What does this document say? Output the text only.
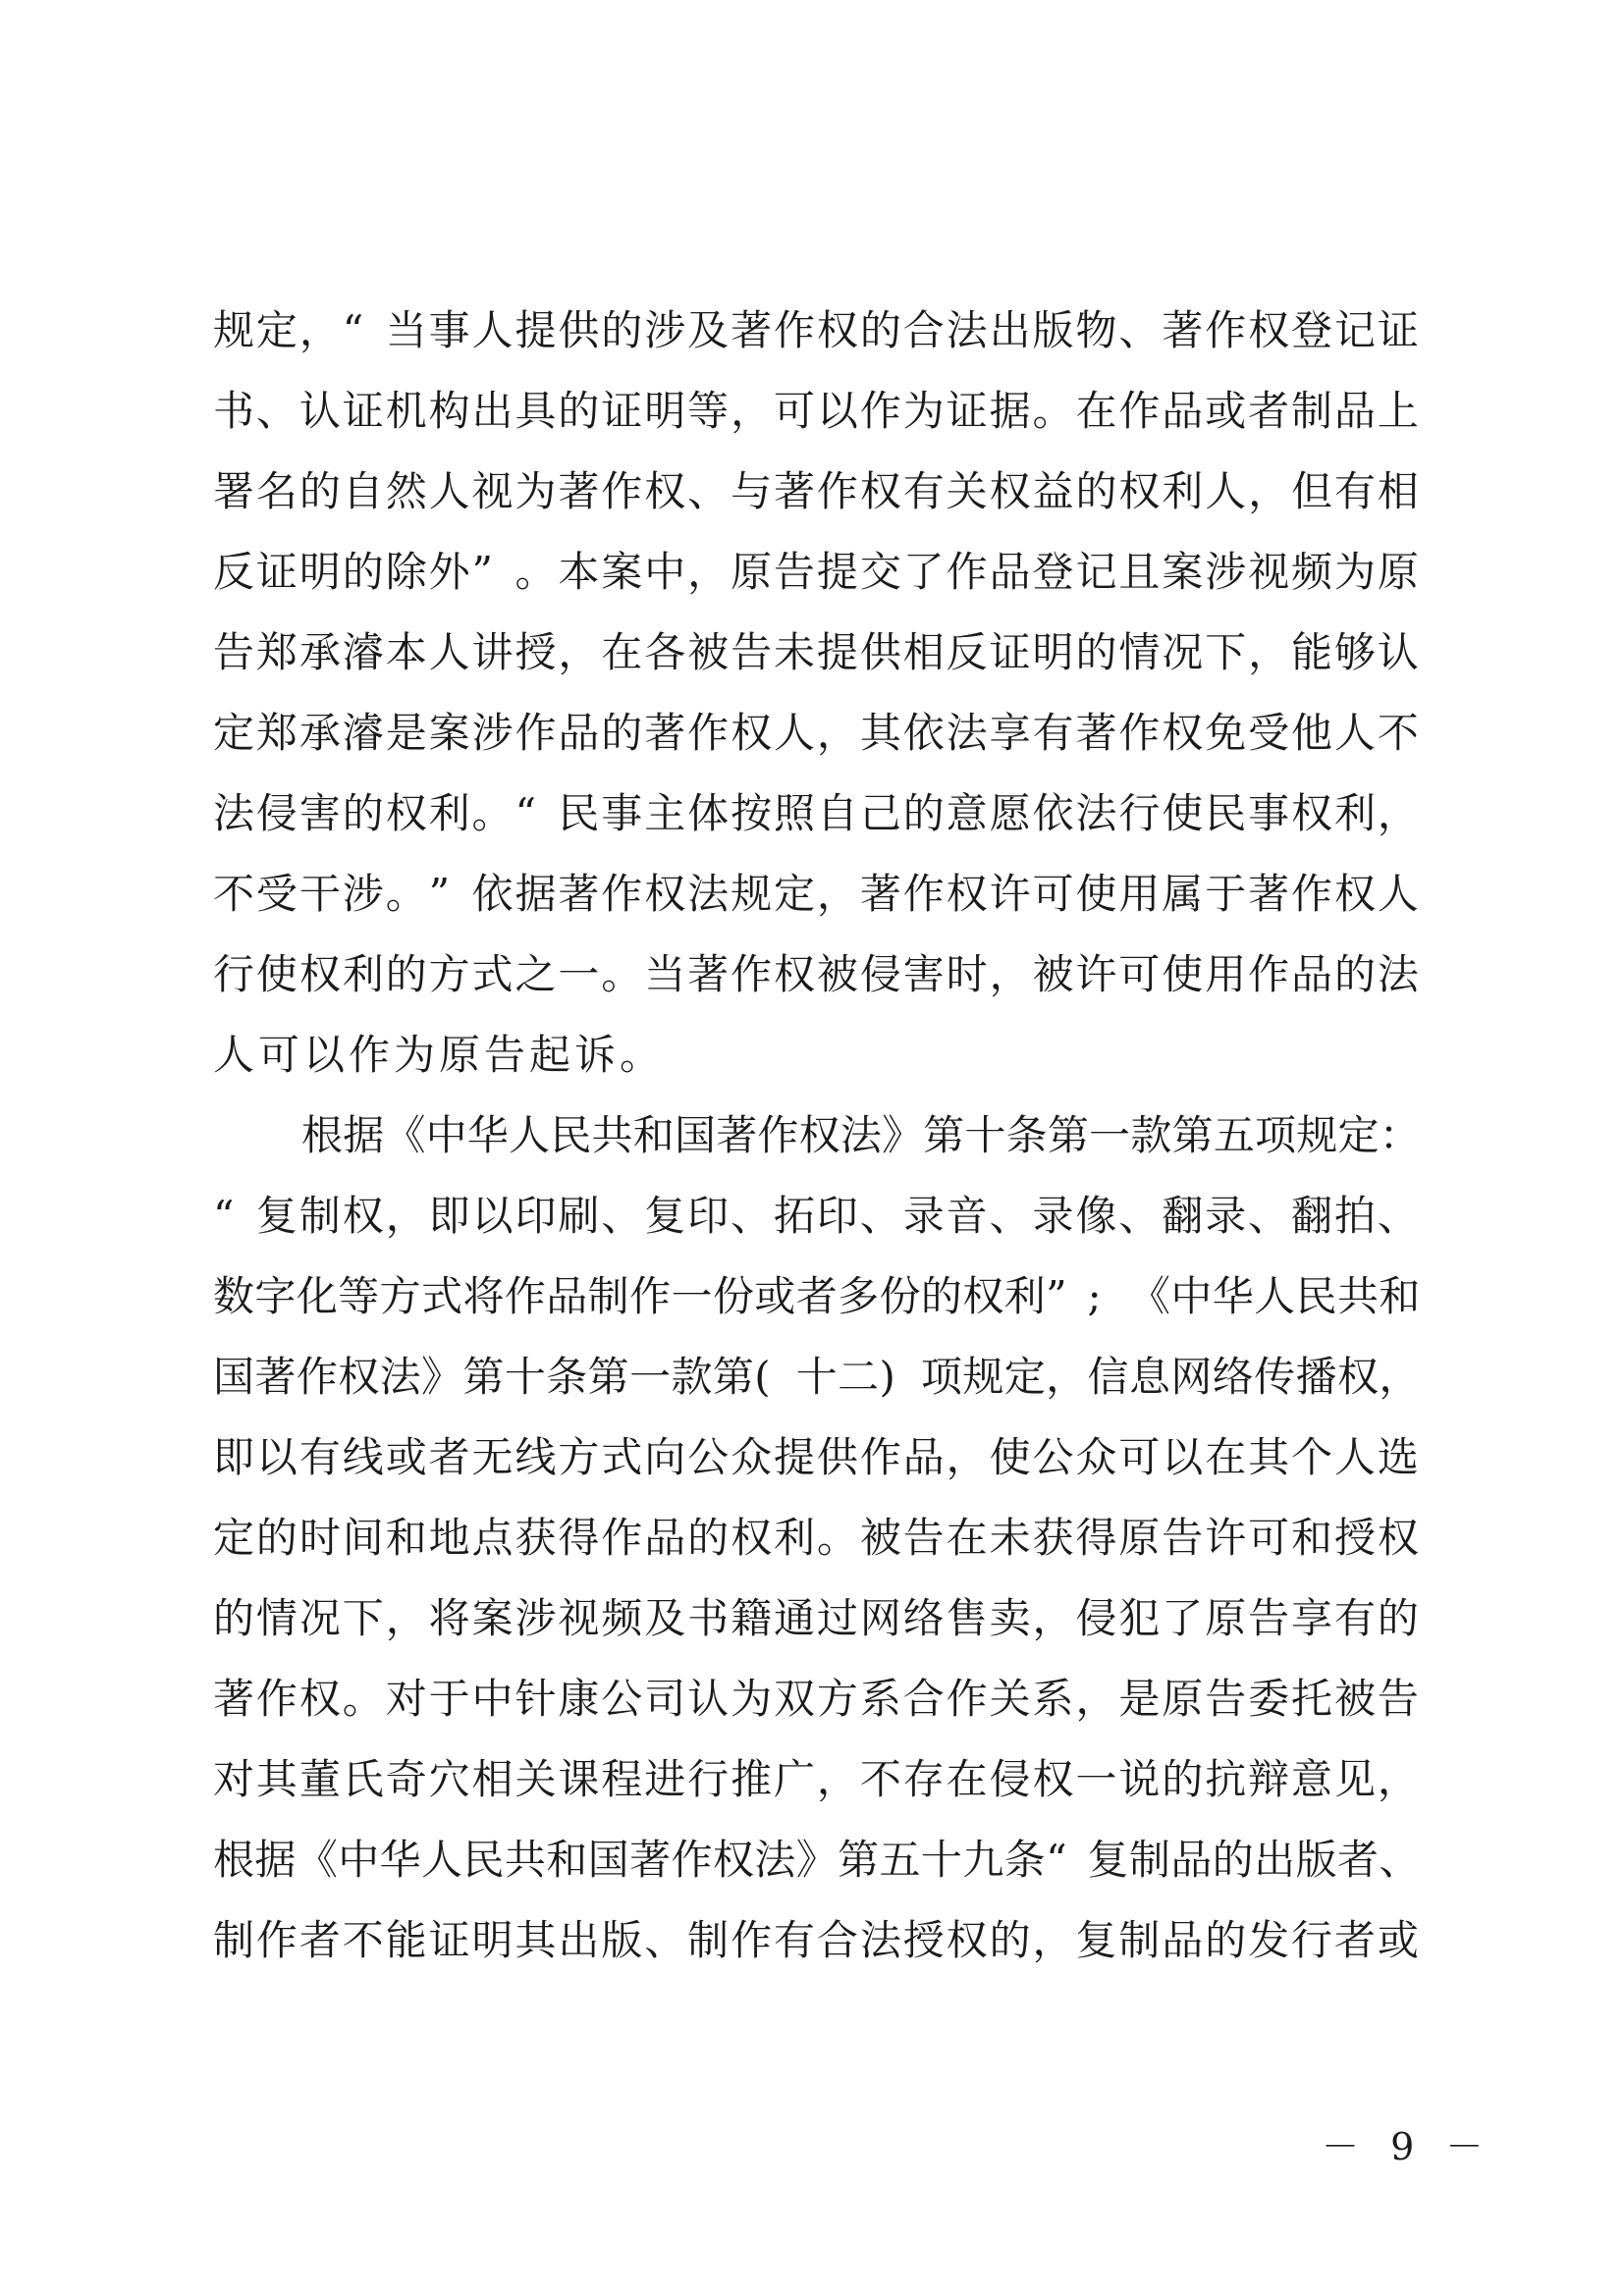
规定，“ 当事人提供的涉及著作权的合法出版物、著作权登记证
书、认证机构出具的证明等，可以作为证据。在作品或者制品上
署名的自然人视为著作权、与著作权有关权益的权利人，但有相
反证明的除外” 。本案中，原告提交了作品登记且案涉视频为原
告郑承濬本人讲授，在各被告未提供相反证明的情况下，能够认
定郑承濬是案涉作品的著作权人，其依法享有著作权免受他人不
法侵害的权利。“ 民事主体按照自己的意愿依法行使民事权利，
不受干涉。” 依据著作权法规定，著作权许可使用属于著作权人
行使权利的方式之一。当著作权被侵害时，被许可使用作品的法
人可以作为原告起诉。
根据《中华人民共和国著作权法》第十条第一款第五项规定：
“ 复制权，即以印刷、复印、拓印、录音、录像、翻录、翻拍、
数字化等方式将作品制作一份或者多份的权利” ; 《中华人民共和
国著作权法》第十条第一款第( 十二) 项规定，信息网络传播权，
即以有线或者无线方式向公众提供作品，使公众可以在其个人选
定的时间和地点获得作品的权利。被告在未获得原告许可和授权
的情况下，将案涉视频及书籍通过网络售卖，侵犯了原告享有的
著作权。对于中针康公司认为双方系合作关系，是原告委托被告
对其董氏奇穴相关课程进行推广，不存在侵权一说的抗辩意见，
根据《中华人民共和国著作权法》第五十九条“ 复制品的出版者、
制作者不能证明其出版、制作有合法授权的，复制品的发行者或
－ 9 －
